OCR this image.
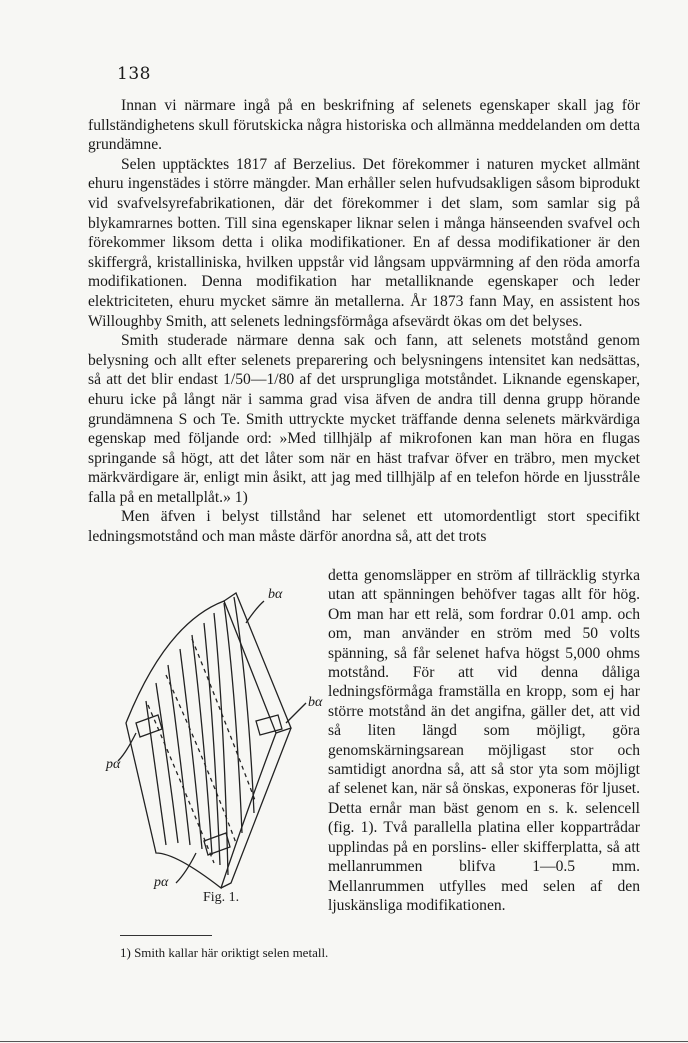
138

Innan vi närmare ingå på en beskrifning af selenets egenskaper skall jag för fullständighetens skull förutskicka några historiska och allmänna meddelanden om detta grundämne.

Selen upptäcktes 1817 af Berzelius. Det förekommer i naturen mycket allmänt ehuru ingenstädes i större mängder. Man erhåller selen hufvudsakligen såsom biprodukt vid svafvelsyrefabrikationen, där det förekommer i det slam, som samlar sig på blykamrarnes botten. Till sina egenskaper liknar selen i många hänseenden svafvel och förekommer liksom detta i olika modifikationer. En af dessa modifikationer är den skiffergrå, kristalliniska, hvilken uppstår vid långsam uppvärmning af den röda amorfa modifikationen. Denna modifikation har metalliknande egenskaper och leder elektriciteten, ehuru mycket sämre än metallerna. År 1873 fann May, en assistent hos Willoughby Smith, att selenets ledningsförmåga afsevärdt ökas om det belyses.

Smith studerade närmare denna sak och fann, att selenets motstånd genom belysning och allt efter selenets preparering och belysningens intensitet kan nedsättas, så att det blir endast 1/50—1/80 af det ursprungliga motståndet. Liknande egenskaper, ehuru icke på långt när i samma grad visa äfven de andra till denna grupp hörande grundämnena S och Te. Smith uttryckte mycket träffande denna selenets märkvärdiga egenskap med följande ord: »Med tillhjälp af mikrofonen kan man höra en flugas springande så högt, att det låter som när en häst trafvar öfver en träbro, men mycket märkvärdigare är, enligt min åsikt, att jag med tillhjälp af en telefon hörde en ljusstråle falla på en metallplåt.» 1)

Men äfven i belyst tillstånd har selenet ett utomordentligt stort specifikt ledningsmotstånd och man måste därför anordna så, att det trots

bα
bα
pα
pα
Fig. 1.
detta genomsläpper en ström af tillräcklig styrka utan att spänningen behöfver tagas allt för hög. Om man har ett relä, som fordrar 0.01 amp. och om, man använder en ström med 50 volts spänning, så får selenet hafva högst 5,000 ohms motstånd. För att vid denna dåliga ledningsförmåga framställa en kropp, som ej har större motstånd än det angifna, gäller det, att vid så liten längd som möjligt, göra genomskärningsarean möjligast stor och samtidigt anordna så, att så stor yta som möjligt af selenet kan, när så önskas, exponeras för ljuset. Detta ernår man bäst genom en s. k. selencell (fig. 1). Två parallella platina eller koppartrådar upplindas på en porslins- eller skifferplatta, så att mellanrummen blifva 1—0.5 mm. Mellanrummen utfylles med selen af den ljuskänsliga modifikationen.
1) Smith kallar här oriktigt selen metall.
